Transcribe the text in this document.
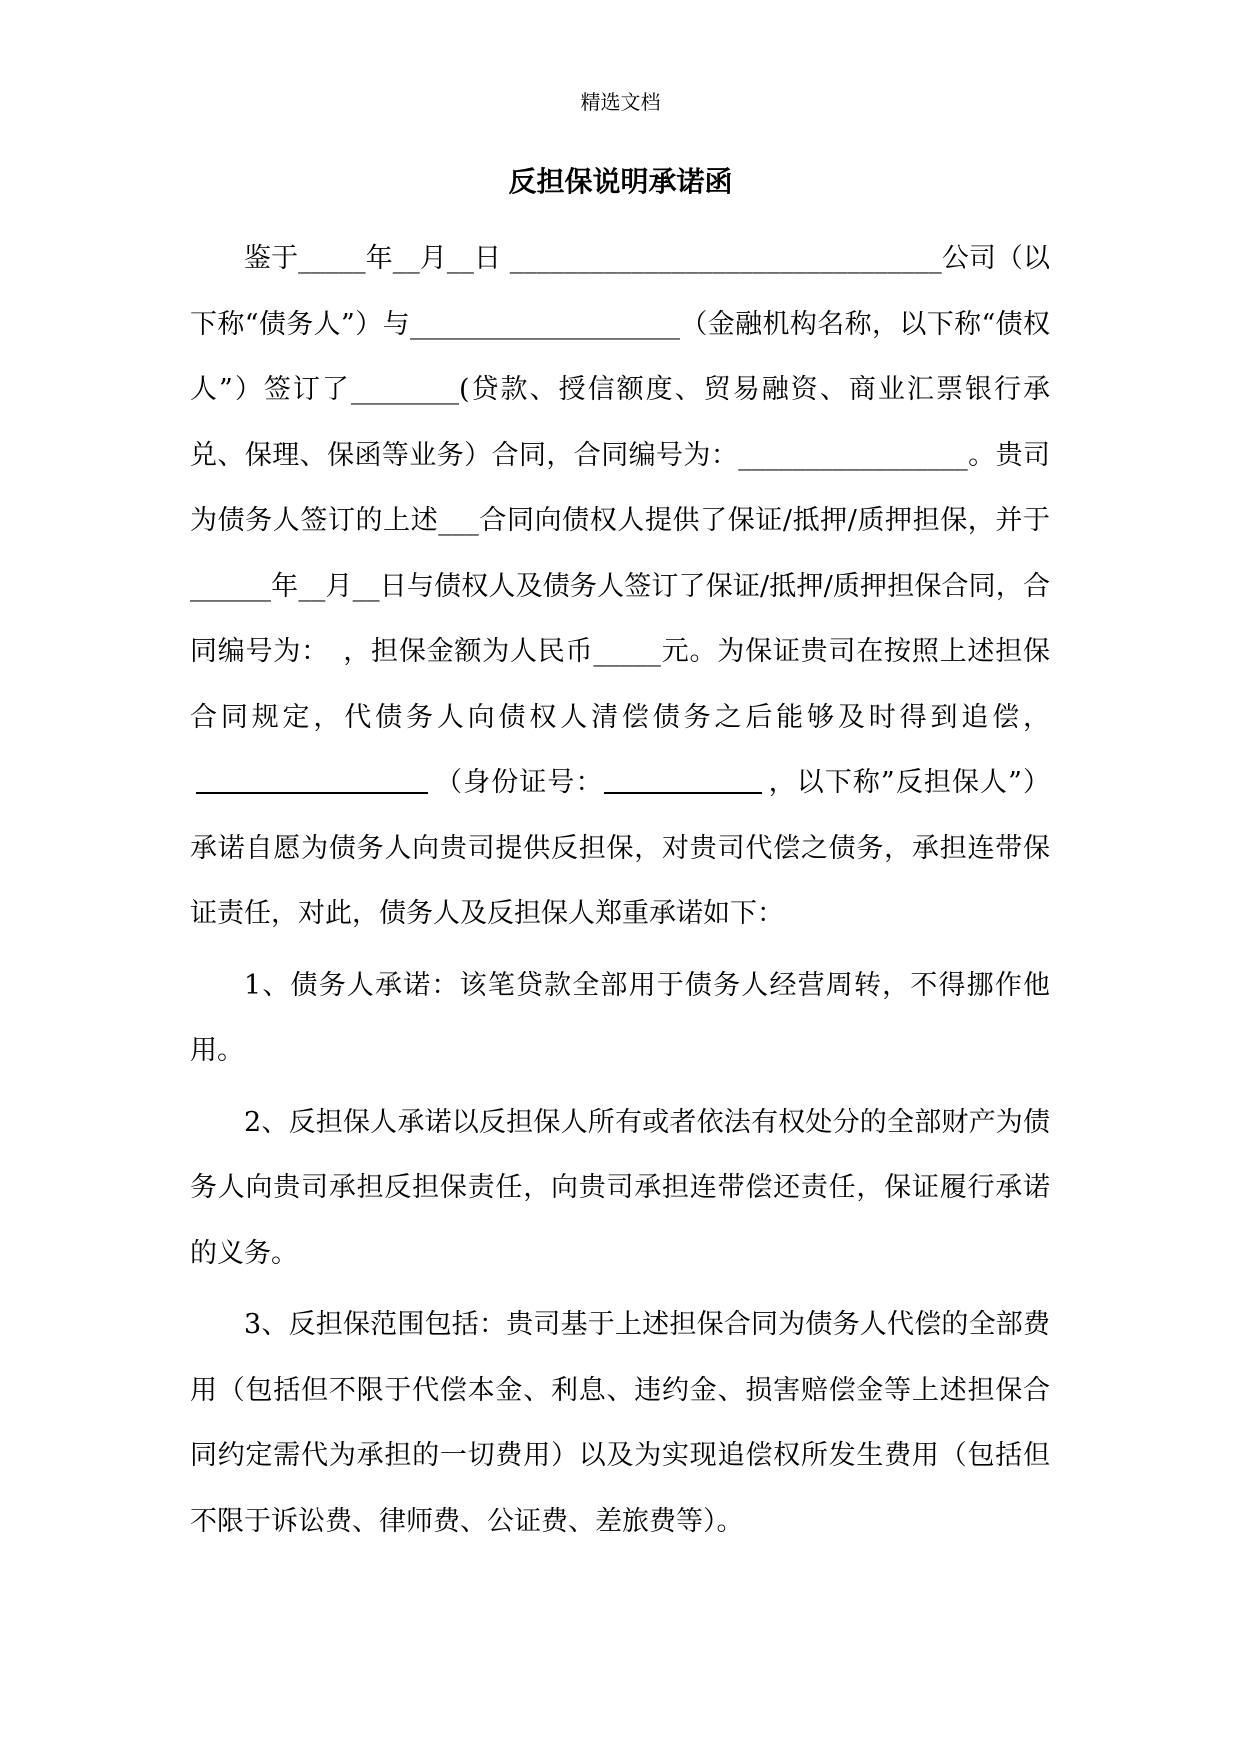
精选文档
反担保说明承诺函

鉴于_____年__月__日 ________________________________公司（以下称“债务人”）与____________________（金融机构名称，以下称“债权人”）签订了________(贷款、授信额度、贸易融资、商业汇票银行承兑、保理、保函等业务）合同，合同编号为：_________________。贵司为债务人签订的上述___合同向债权人提供了保证/抵押/质押担保，并于______年__月__日与债权人及债务人签订了保证/抵押/质押担保合同，合同编号为：　，担保金额为人民币_____元。为保证贵司在按照上述担保合同规定，代债务人向债权人清偿债务之后能够及时得到追偿，（身份证号：	，以下称”反担保人”）承诺自愿为债务人向贵司提供反担保，对贵司代偿之债务，承担连带保证责任，对此，债务人及反担保人郑重承诺如下：

1、债务人承诺：该笔贷款全部用于债务人经营周转，不得挪作他用。

2、反担保人承诺以反担保人所有或者依法有权处分的全部财产为债务人向贵司承担反担保责任，向贵司承担连带偿还责任，保证履行承诺的义务。

3、反担保范围包括：贵司基于上述担保合同为债务人代偿的全部费用（包括但不限于代偿本金、利息、违约金、损害赔偿金等上述担保合同约定需代为承担的一切费用）以及为实现追偿权所发生费用（包括但不限于诉讼费、律师费、公证费、差旅费等）。
